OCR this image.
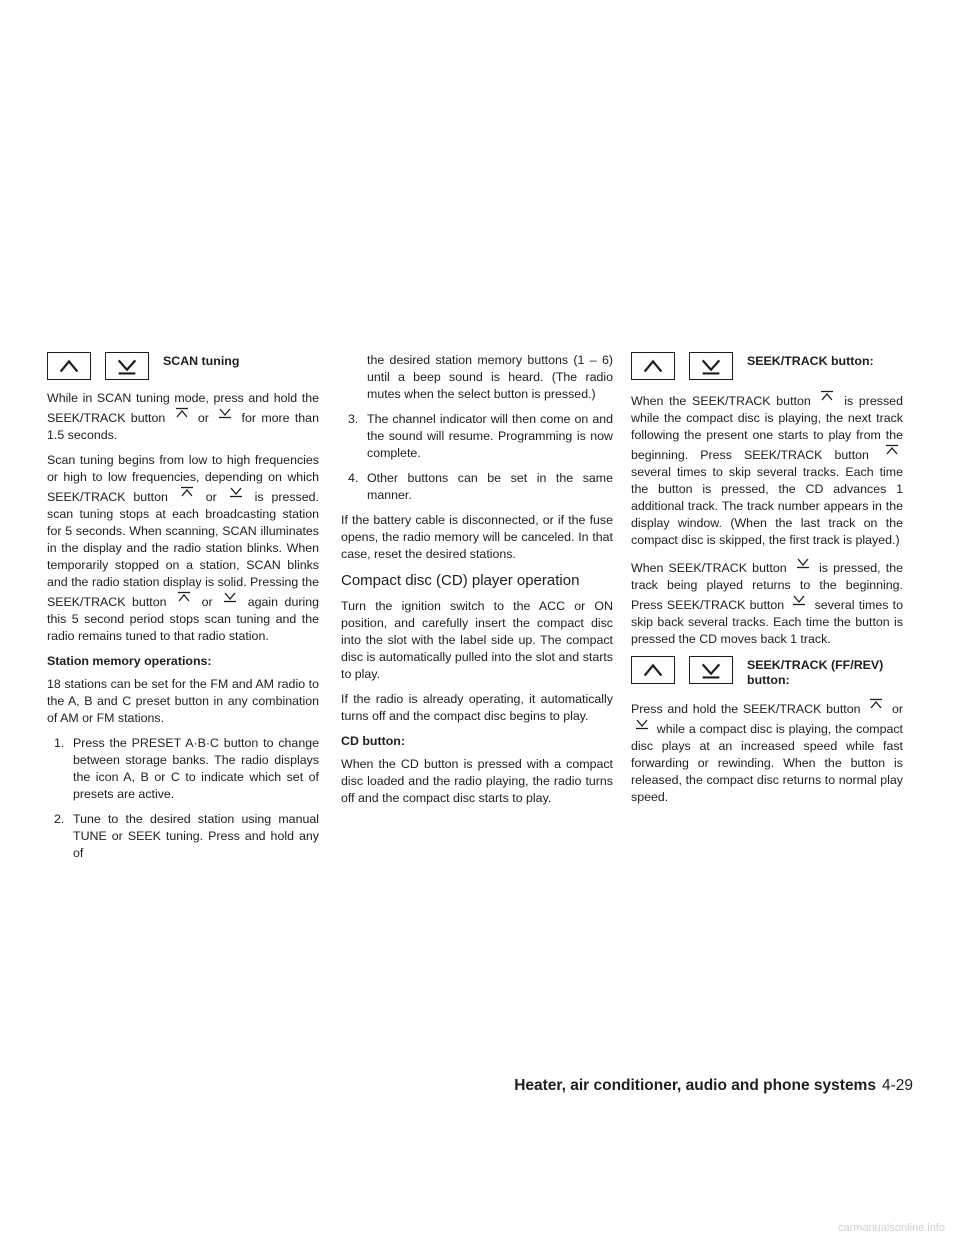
SCAN tuning

While in SCAN tuning mode, press and hold the SEEK/TRACK button	or	for more than 1.5 seconds.

Scan tuning begins from low to high frequencies or high to low frequencies, depending on which SEEK/TRACK button	or	is pressed. scan tuning stops at each broadcasting station for 5 seconds. When scanning, SCAN illuminates in the display and the radio station blinks. When temporarily stopped on a station, SCAN blinks and the radio station display is solid. Pressing the SEEK/TRACK button	or	again during this 5 second period stops scan tuning and the radio remains tuned to that radio station.

Station memory operations:

18 stations can be set for the FM and AM radio to the A, B and C preset button in any combination of AM or FM stations.

1. Press the PRESET A·B·C button to change between storage banks. The radio displays the icon A, B or C to indicate which set of presets are active.
2. Tune to the desired station using manual TUNE or SEEK tuning. Press and hold any of

the desired station memory buttons (1 – 6) until a beep sound is heard. (The radio mutes when the select button is pressed.)

3. The channel indicator will then come on and the sound will resume. Programming is now complete.
4. Other buttons can be set in the same manner.

If the battery cable is disconnected, or if the fuse opens, the radio memory will be canceled. In that case, reset the desired stations.

Compact disc (CD) player operation

Turn the ignition switch to the ACC or ON position, and carefully insert the compact disc into the slot with the label side up. The compact disc is automatically pulled into the slot and starts to play.

If the radio is already operating, it automatically turns off and the compact disc begins to play.

CD button:

When the CD button is pressed with a compact disc loaded and the radio playing, the radio turns off and the compact disc starts to play.

SEEK/TRACK button:

When the SEEK/TRACK button	is pressed while the compact disc is playing, the next track following the present one starts to play from the beginning. Press SEEK/TRACK button
several times to skip several tracks. Each time the button is pressed, the CD advances 1 additional track. The track number appears in the display window. (When the last track on the compact disc is skipped, the first track is played.)

When SEEK/TRACK button	is pressed, the track being played returns to the beginning. Press SEEK/TRACK button several times to skip back several tracks. Each time the button is pressed the CD moves back 1 track.

SEEK/TRACK (FF/REV)
button:

Press and hold the SEEK/TRACK button	or
while a compact disc is playing, the compact disc plays at an increased speed while fast forwarding or rewinding. When the button is released, the compact disc returns to normal play speed.

Heater, air conditioner, audio and phone systems 4-29
carmanualsonline.info
